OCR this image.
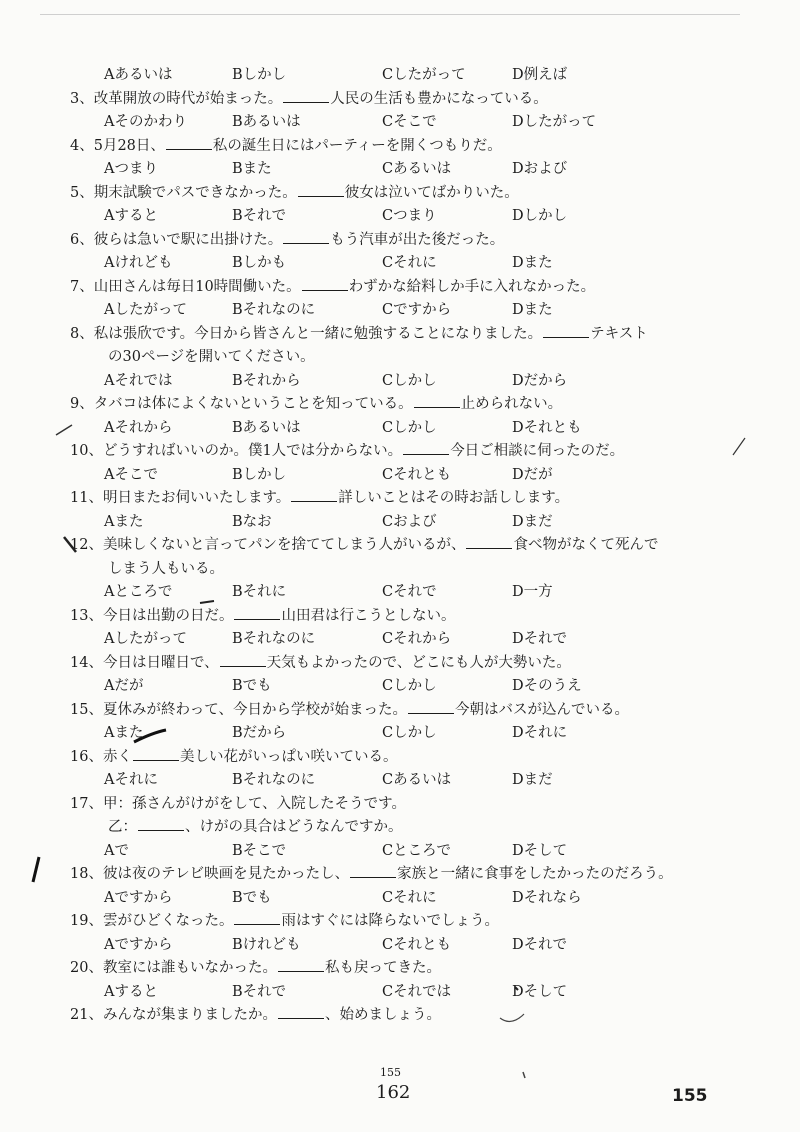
Aあるいは	Bしかし	Cしたがって	D例えば
3、改革開放の時代が始まった。	人民の生活も豊かになっている。
Aそのかわり	Bあるいは	Cそこで	Dしたがって
4、5月28日、	私の誕生日にはパーティーを開くつもりだ。
Aつまり	Bまた	Cあるいは	Dおよび
5、期末試験でパスできなかった。	彼女は泣いてばかりいた。
Aすると	Bそれで	Cつまり	Dしかし
6、彼らは急いで駅に出掛けた。	もう汽車が出た後だった。
Aけれども	Bしかも	Cそれに	Dまた
7、山田さんは毎日10時間働いた。	わずかな給料しか手に入れなかった。
Aしたがって	Bそれなのに	Cですから	Dまた
8、私は張欣です。今日から皆さんと一緒に勉強することになりました。	テキスト
の30ページを開いてください。
Aそれでは	Bそれから	Cしかし	Dだから
9、タバコは体によくないということを知っている。	止められない。
Aそれから	Bあるいは	Cしかし	Dそれとも
10、どうすればいいのか。僕1人では分からない。	今日ご相談に伺ったのだ。
Aそこで	Bしかし	Cそれとも	Dだが
11、明日またお伺いいたします。	詳しいことはその時お話しします。
Aまた	Bなお	Cおよび	Dまだ
12、美味しくないと言ってパンを捨ててしまう人がいるが、	食べ物がなくて死んで
しまう人もいる。
Aところで	Bそれに	Cそれで	D一方
13、今日は出勤の日だ。	山田君は行こうとしない。
Aしたがって	Bそれなのに	Cそれから	Dそれで
14、今日は日曜日で、	天気もよかったので、どこにも人が大勢いた。
Aだが	Bでも	Cしかし	Dそのうえ
15、夏休みが終わって、今日から学校が始まった。	今朝はバスが込んでいる。
Aまた	Bだから	Cしかし	Dそれに
16、赤く	美しい花がいっぱい咲いている。
Aそれに	Bそれなのに	Cあるいは	Dまだ
17、甲：孫さんがけがをして、入院したそうです。
乙：	、けがの具合はどうなんですか。
Aで	Bそこで	Cところで	Dそして
18、彼は夜のテレビ映画を見たかったし、	家族と一緒に食事をしたかったのだろう。
Aですから	Bでも	Cそれに	Dそれなら
19、雲がひどくなった。	雨はすぐには降らないでしょう。
Aですから	Bけれども	Cそれとも	Dそれで
20、教室には誰もいなかった。	私も戻ってきた。
Aすると	Bそれで	Cそれでは	Dそして
21、みんなが集まりましたか。	、始めましょう。
155
162	155
